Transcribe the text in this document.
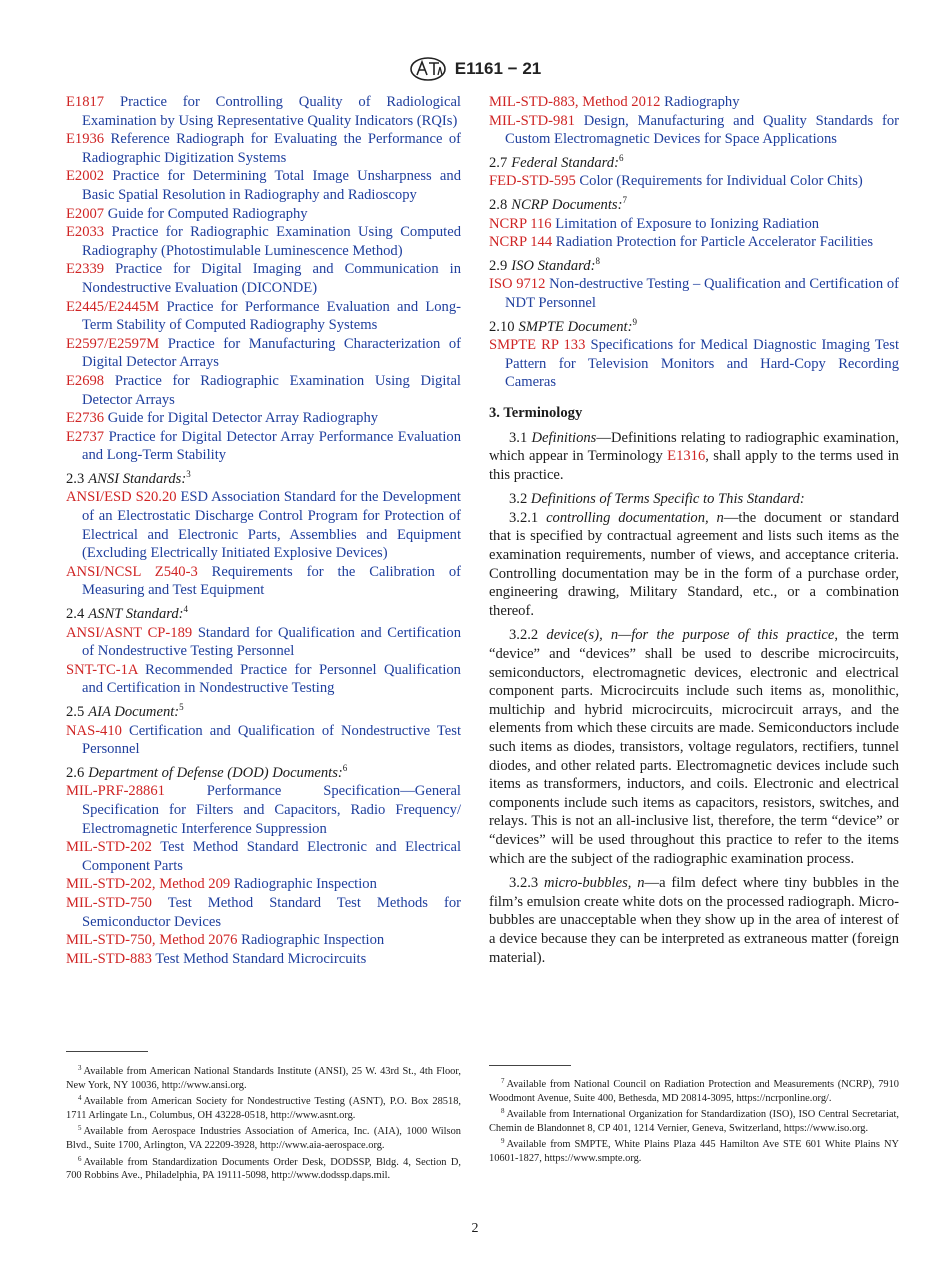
E1161 − 21
E1817 Practice for Controlling Quality of Radiological Examination by Using Representative Quality Indicators (RQIs)
E1936 Reference Radiograph for Evaluating the Performance of Radiographic Digitization Systems
E2002 Practice for Determining Total Image Unsharpness and Basic Spatial Resolution in Radiography and Radioscopy
E2007 Guide for Computed Radiography
E2033 Practice for Radiographic Examination Using Computed Radiography (Photostimulable Luminescence Method)
E2339 Practice for Digital Imaging and Communication in Nondestructive Evaluation (DICONDE)
E2445/E2445M Practice for Performance Evaluation and Long-Term Stability of Computed Radiography Systems
E2597/E2597M Practice for Manufacturing Characterization of Digital Detector Arrays
E2698 Practice for Radiographic Examination Using Digital Detector Arrays
E2736 Guide for Digital Detector Array Radiography
E2737 Practice for Digital Detector Array Performance Evaluation and Long-Term Stability
2.3 ANSI Standards:$^3$
ANSI/ESD S20.20 ESD Association Standard for the Development of an Electrostatic Discharge Control Program for Protection of Electrical and Electronic Parts, Assemblies and Equipment (Excluding Electrically Initiated Explosive Devices)
ANSI/NCSL Z540-3 Requirements for the Calibration of Measuring and Test Equipment
2.4 ASNT Standard:$^4$
ANSI/ASNT CP-189 Standard for Qualification and Certification of Nondestructive Testing Personnel
SNT-TC-1A Recommended Practice for Personnel Qualification and Certification in Nondestructive Testing
2.5 AIA Document:$^5$
NAS-410 Certification and Qualification of Nondestructive Test Personnel
2.6 Department of Defense (DOD) Documents:$^6$
MIL-PRF-28861	Performance Specification—General Specification for Filters and Capacitors, Radio Frequency/ Electromagnetic Interference Suppression
MIL-STD-202 Test Method Standard Electronic and Electrical Component Parts
MIL-STD-202, Method 209 Radiographic Inspection
MIL-STD-750 Test Method Standard Test Methods for Semiconductor Devices
MIL-STD-750, Method 2076 Radiographic Inspection
MIL-STD-883 Test Method Standard Microcircuits
MIL-STD-883, Method 2012 Radiography
MIL-STD-981 Design, Manufacturing and Quality Standards for Custom Electromagnetic Devices for Space Applications
2.7 Federal Standard:$^6$
FED-STD-595 Color (Requirements for Individual Color Chits)
2.8 NCRP Documents:$^7$
NCRP 116 Limitation of Exposure to Ionizing Radiation
NCRP 144 Radiation Protection for Particle Accelerator Facilities
2.9 ISO Standard:$^8$
ISO 9712 Non-destructive Testing – Qualification and Certification of NDT Personnel
2.10 SMPTE Document:$^9$
SMPTE RP 133 Specifications for Medical Diagnostic Imaging Test Pattern for Television Monitors and Hard-Copy Recording Cameras
3. Terminology
3.1 Definitions—Definitions relating to radiographic examination, which appear in Terminology E1316, shall apply to the terms used in this practice.
3.2 Definitions of Terms Specific to This Standard:
3.2.1 controlling documentation, n—the document or standard that is specified by contractual agreement and lists such items as the examination requirements, number of views, and acceptance criteria. Controlling documentation may be in the form of a purchase order, engineering drawing, Military Standard, etc., or a combination thereof.
3.2.2 device(s), n—for the purpose of this practice, the term “device” and “devices” shall be used to describe microcircuits, semiconductors, electromagnetic devices, electronic and electrical component parts. Microcircuits include such items as, monolithic, multichip and hybrid microcircuits, microcircuit arrays, and the elements from which these circuits are made. Semiconductors include such items as diodes, transistors, voltage regulators, rectifiers, tunnel diodes, and other related parts. Electromagnetic devices include such items as transformers, inductors, and coils. Electronic and electrical components include such items as capacitors, resistors, switches, and relays. This is not an all-inclusive list, therefore, the term “device” or “devices” will be used throughout this practice to refer to the items which are the subject of the radiographic examination process.
3.2.3 micro-bubbles, n—a film defect where tiny bubbles in the film’s emulsion create white dots on the processed radiograph. Micro-bubbles are unacceptable when they show up in the area of interest of a device because they can be interpreted as extraneous matter (foreign material).
$^3$ Available from American National Standards Institute (ANSI), 25 W. 43rd St., 4th Floor, New York, NY 10036, http://www.ansi.org.
$^4$ Available from American Society for Nondestructive Testing (ASNT), P.O. Box 28518, 1711 Arlingate Ln., Columbus, OH 43228-0518, http://www.asnt.org.
$^5$ Available from Aerospace Industries Association of America, Inc. (AIA), 1000 Wilson Blvd., Suite 1700, Arlington, VA 22209-3928, http://www.aia-aerospace.org.
$^6$ Available from Standardization Documents Order Desk, DODSSP, Bldg. 4, Section D, 700 Robbins Ave., Philadelphia, PA 19111-5098, http://www.dodssp.daps.mil.
$^7$ Available from National Council on Radiation Protection and Measurements (NCRP), 7910 Woodmont Avenue, Suite 400, Bethesda, MD 20814-3095, https://ncrponline.org/.
$^8$ Available from International Organization for Standardization (ISO), ISO Central Secretariat, Chemin de Blandonnet 8, CP 401, 1214 Vernier, Geneva, Switzerland, https://www.iso.org.
$^9$ Available from SMPTE, White Plains Plaza 445 Hamilton Ave STE 601 White Plains NY 10601-1827, https://www.smpte.org.
2
